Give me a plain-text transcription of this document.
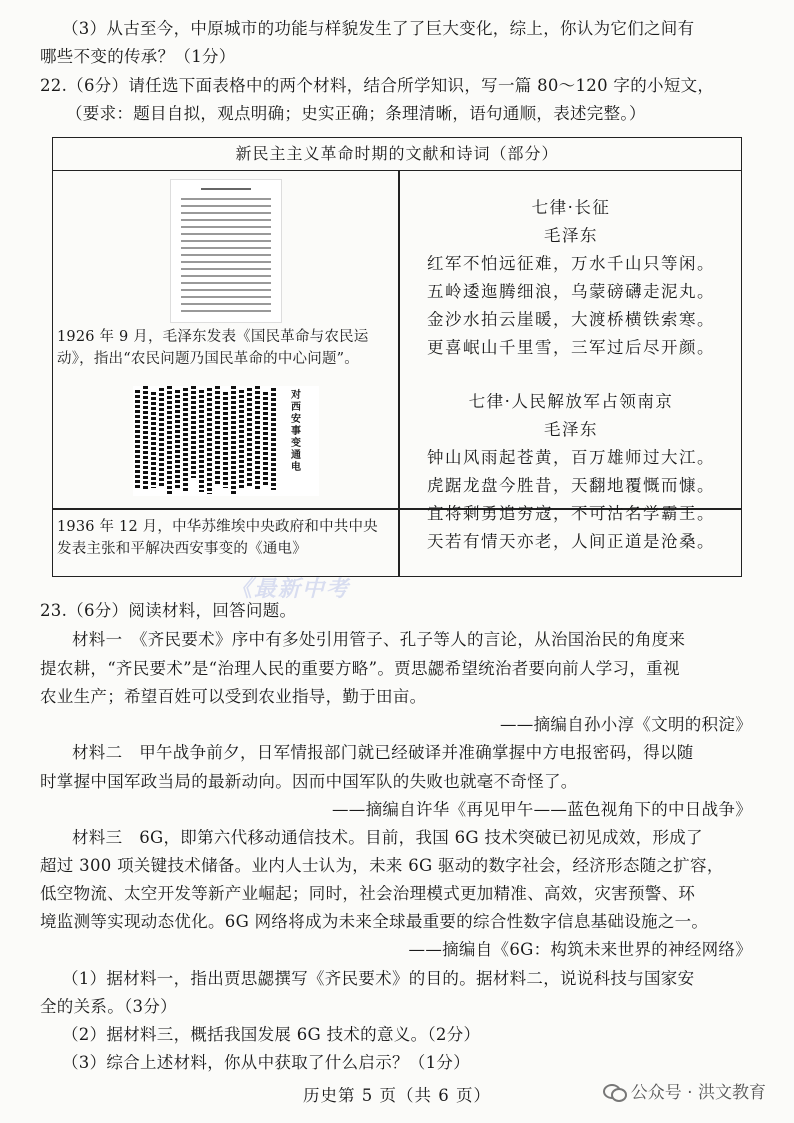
（3）从古至今，中原城市的功能与样貌发生了了巨大变化，综上，你认为它们之间有
哪些不变的传承？（1分）
22.（6分）请任选下面表格中的两个材料，结合所学知识，写一篇 80～120 字的小短文，
（要求：题目自拟，观点明确；史实正确；条理清晰，语句通顺，表述完整。）
新民主主义革命时期的文献和诗词（部分）
1926 年 9 月，毛泽东发表《国民革命与农民运
动》，指出“农民问题乃国民革命的中心问题”。
七律·长征
毛泽东
红军不怕远征难，万水千山只等闲。
五岭逶迤腾细浪，乌蒙磅礴走泥丸。
金沙水拍云崖暖，大渡桥横铁索寒。
更喜岷山千里雪，三军过后尽开颜。
对西安事变通电
1936 年 12 月，中华苏维埃中央政府和中共中央
发表主张和平解决西安事变的《通电》
七律·人民解放军占领南京
毛泽东
钟山风雨起苍黄，百万雄师过大江。
虎踞龙盘今胜昔，天翻地覆慨而慷。
宜将剩勇追穷寇，不可沽名学霸王。
天若有情天亦老，人间正道是沧桑。
《最新中考
23.（6分）阅读材料，回答问题。
材料一　《齐民要术》序中有多处引用管子、孔子等人的言论，从治国治民的角度来
提农耕，“齐民要术”是“治理人民的重要方略”。贾思勰希望统治者要向前人学习，重视
农业生产；希望百姓可以受到农业指导，勤于田亩。
——摘编自孙小淳《文明的积淀》
材料二　甲午战争前夕，日军情报部门就已经破译并准确掌握中方电报密码，得以随
时掌握中国军政当局的最新动向。因而中国军队的失败也就毫不奇怪了。
——摘编自许华《再见甲午——蓝色视角下的中日战争》
材料三　6G，即第六代移动通信技术。目前，我国 6G 技术突破已初见成效，形成了
超过 300 项关键技术储备。业内人士认为，未来 6G 驱动的数字社会，经济形态随之扩容，
低空物流、太空开发等新产业崛起；同时，社会治理模式更加精准、高效，灾害预警、环
境监测等实现动态优化。6G 网络将成为未来全球最重要的综合性数字信息基础设施之一。
——摘编自《6G：构筑未来世界的神经网络》
（1）据材料一，指出贾思勰撰写《齐民要术》的目的。据材料二，说说科技与国家安
全的关系。（3分）
（2）据材料三，概括我国发展 6G 技术的意义。（2分）
（3）综合上述材料，你从中获取了什么启示？（1分）
历史第 5 页（共 6 页）	公众号 · 洪文教育
